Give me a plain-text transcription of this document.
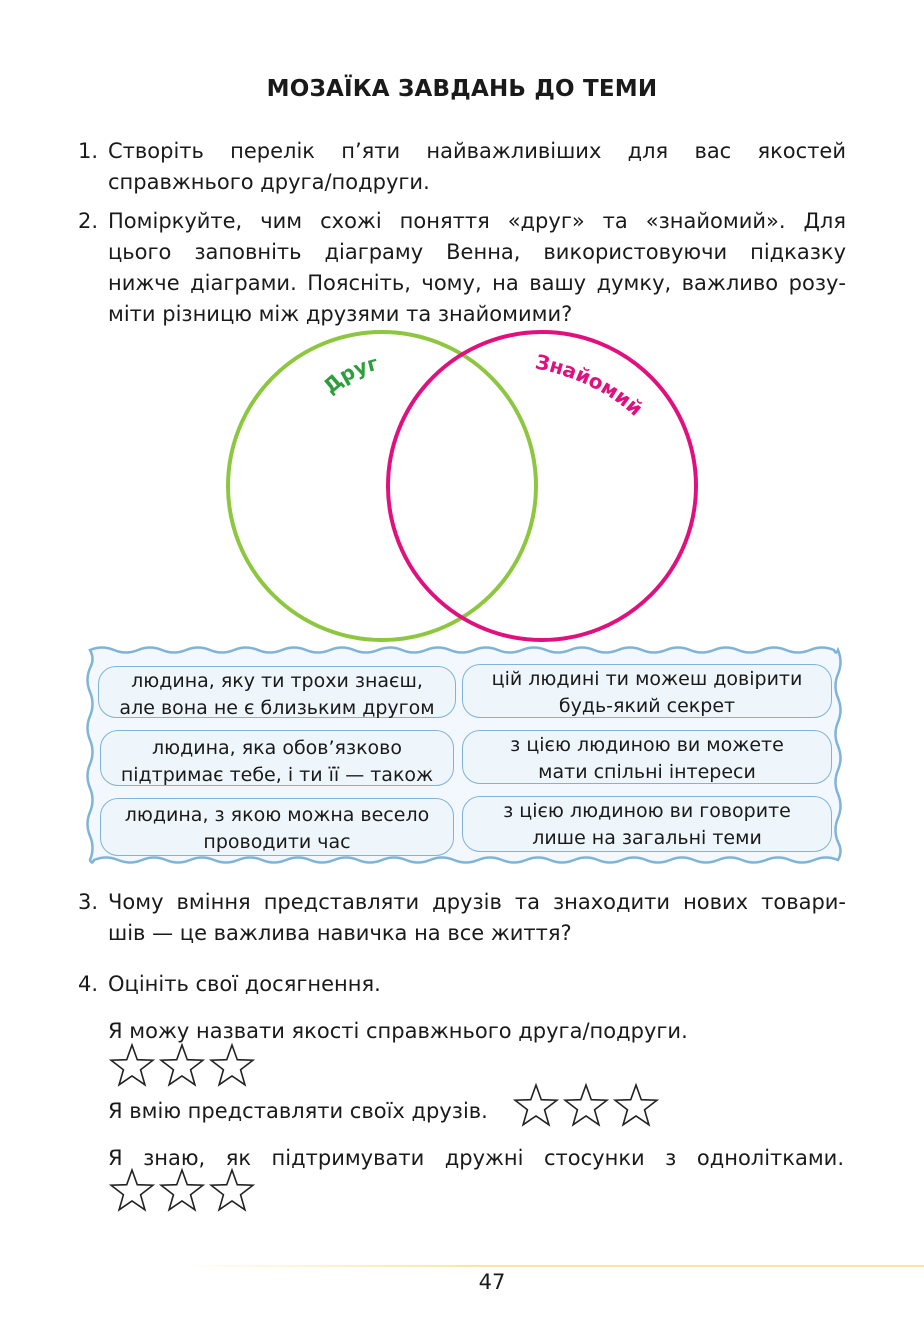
МОЗАЇКА ЗАВДАНЬ ДО ТЕМИ
1. Створіть перелік п’яти найважливіших для вас якостей
справжнього друга/подруги.
2. Поміркуйте, чим схожі поняття «друг» та «знайомий». Для
цього заповніть діаграму Венна, використовуючи підказку
нижче діаграми. Поясніть, чому, на вашу думку, важливо розу-
міти різницю між друзями та знайомими?
Друг	Знайомий
людина, яку ти трохи знаєш,
але вона не є близьким другом
цій людині ти можеш довірити
будь-який секрет
людина, яка обов’язково
підтримає тебе, і ти її — також
з цією людиною ви можете
мати спільні інтереси
людина, з якою можна весело
проводити час
з цією людиною ви говорите
лише на загальні теми
3. Чому вміння представляти друзів та знаходити нових товари-
шів — це важлива навичка на все життя?
4. Оцініть свої досягнення.
Я можу назвати якості справжнього друга/подруги.
Я вмію представляти своїх друзів.
Я знаю, як підтримувати дружні стосунки з однолітками.
47
